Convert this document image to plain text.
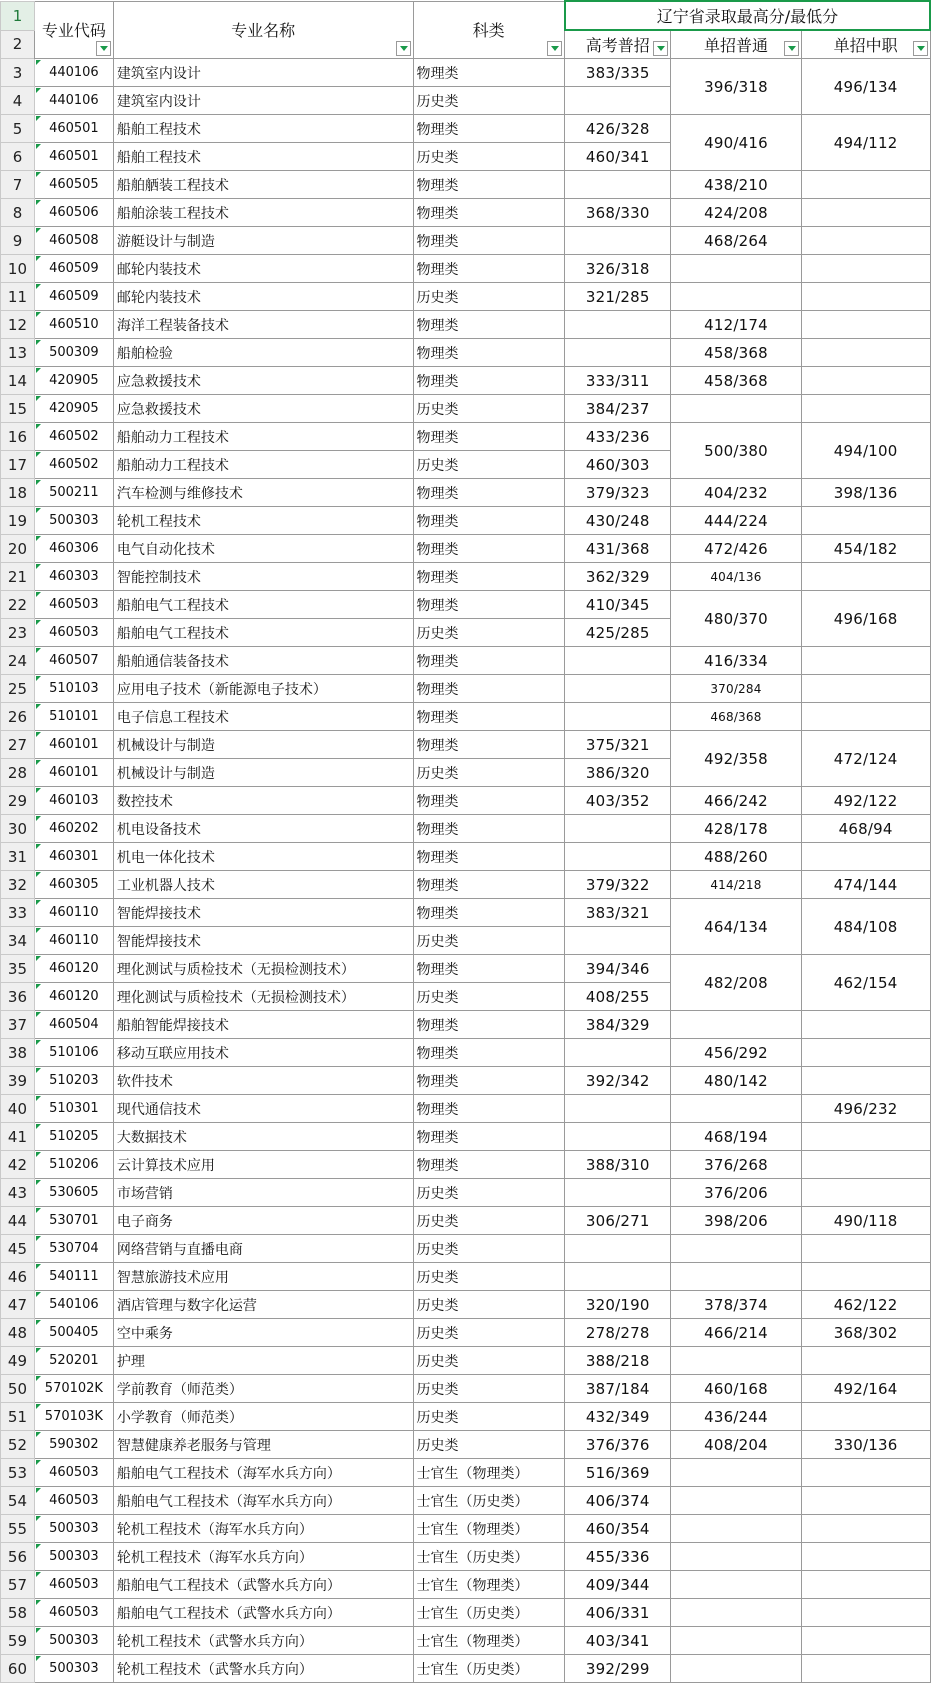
1	专业代码	专业名称	科类	辽宁省录取最高分/最低分		
2				高考普招	单招普通	单招中职

3	440106	建筑室内设计	物理类	383/335	396/318	496/134
4	440106	建筑室内设计	历史类			
5	460501	船舶工程技术	物理类	426/328	490/416	494/112
6	460501	船舶工程技术	历史类	460/341		
7	460505	船舶舾装工程技术	物理类		438/210	
8	460506	船舶涂装工程技术	物理类	368/330	424/208	
9	460508	游艇设计与制造	物理类		468/264	
10	460509	邮轮内装技术	物理类	326/318		
11	460509	邮轮内装技术	历史类	321/285		
12	460510	海洋工程装备技术	物理类		412/174	
13	500309	船舶检验	物理类		458/368	
14	420905	应急救援技术	物理类	333/311	458/368	
15	420905	应急救援技术	历史类	384/237		
16	460502	船舶动力工程技术	物理类	433/236	500/380	494/100
17	460502	船舶动力工程技术	历史类	460/303		
18	500211	汽车检测与维修技术	物理类	379/323	404/232	398/136
19	500303	轮机工程技术	物理类	430/248	444/224	
20	460306	电气自动化技术	物理类	431/368	472/426	454/182
21	460303	智能控制技术	物理类	362/329	404/136	
22	460503	船舶电气工程技术	物理类	410/345	480/370	496/168
23	460503	船舶电气工程技术	历史类	425/285		
24	460507	船舶通信装备技术	物理类		416/334	
25	510103	应用电子技术（新能源电子技术）	物理类		370/284	
26	510101	电子信息工程技术	物理类		468/368	
27	460101	机械设计与制造	物理类	375/321	492/358	472/124
28	460101	机械设计与制造	历史类	386/320		
29	460103	数控技术	物理类	403/352	466/242	492/122
30	460202	机电设备技术	物理类		428/178	468/94
31	460301	机电一体化技术	物理类		488/260	
32	460305	工业机器人技术	物理类	379/322	414/218	474/144
33	460110	智能焊接技术	物理类	383/321	464/134	484/108
34	460110	智能焊接技术	历史类			
35	460120	理化测试与质检技术（无损检测技术）	物理类	394/346	482/208	462/154
36	460120	理化测试与质检技术（无损检测技术）	历史类	408/255		
37	460504	船舶智能焊接技术	物理类	384/329		
38	510106	移动互联应用技术	物理类		456/292	
39	510203	软件技术	物理类	392/342	480/142	
40	510301	现代通信技术	物理类			496/232
41	510205	大数据技术	物理类		468/194	
42	510206	云计算技术应用	物理类	388/310	376/268	
43	530605	市场营销	历史类		376/206	
44	530701	电子商务	历史类	306/271	398/206	490/118
45	530704	网络营销与直播电商	历史类			
46	540111	智慧旅游技术应用	历史类			
47	540106	酒店管理与数字化运营	历史类	320/190	378/374	462/122
48	500405	空中乘务	历史类	278/278	466/214	368/302
49	520201	护理	历史类	388/218		
50	570102K	学前教育（师范类）	历史类	387/184	460/168	492/164
51	570103K	小学教育（师范类）	历史类	432/349	436/244	
52	590302	智慧健康养老服务与管理	历史类	376/376	408/204	330/136
53	460503	船舶电气工程技术（海军水兵方向）	士官生（物理类）	516/369		
54	460503	船舶电气工程技术（海军水兵方向）	士官生（历史类）	406/374		
55	500303	轮机工程技术（海军水兵方向）	士官生（物理类）	460/354		
56	500303	轮机工程技术（海军水兵方向）	士官生（历史类）	455/336		
57	460503	船舶电气工程技术（武警水兵方向）	士官生（物理类）	409/344		
58	460503	船舶电气工程技术（武警水兵方向）	士官生（历史类）	406/331		
59	500303	轮机工程技术（武警水兵方向）	士官生（物理类）	403/341		
60	500303	轮机工程技术（武警水兵方向）	士官生（历史类）	392/299		
